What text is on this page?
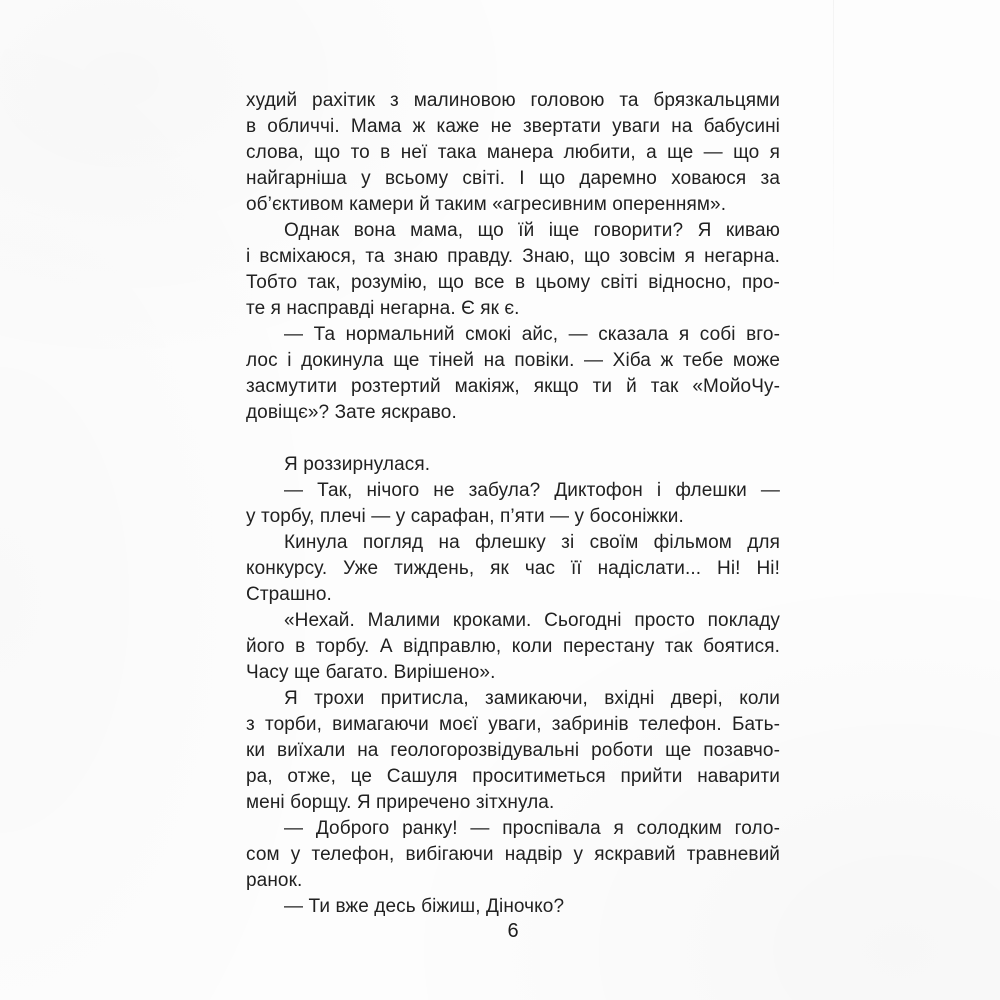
худий рахітик з малиновою головою та брязкальцями
в обличчі. Мама ж каже не звертати уваги на бабусині
слова, що то в неї така манера любити, а ще — що я
найгарніша у всьому світі. І що даремно ховаюся за
об’єктивом камери й таким «агресивним оперенням».
Однак вона мама, що їй іще говорити? Я киваю
і всміхаюся, та знаю правду. Знаю, що зовсім я негарна.
Тобто так, розумію, що все в цьому світі відносно, про-
те я насправді негарна. Є як є.
— Та нормальний смокі айс, — сказала я собі вго-
лос і докинула ще тіней на повіки. — Хіба ж тебе може
засмутити розтертий макіяж, якщо ти й так «МойоЧу-
довіщє»? Зате яскраво.
Я роззирнулася.
— Так, нічого не забула? Диктофон і флешки —
у торбу, плечі — у сарафан, п’яти — у босоніжки.
Кинула погляд на флешку зі своїм фільмом для
конкурсу. Уже тиждень, як час її надіслати... Ні! Ні!
Страшно.
«Нехай. Малими кроками. Сьогодні просто покладу
його в торбу. А відправлю, коли перестану так боятися.
Часу ще багато. Вирішено».
Я трохи притисла, замикаючи, вхідні двері, коли
з торби, вимагаючи моєї уваги, забринів телефон. Бать-
ки виїхали на геологорозвідувальні роботи ще позавчо-
ра, отже, це Сашуля проситиметься прийти наварити
мені борщу. Я приречено зітхнула.
— Доброго ранку! — проспівала я солодким голо-
сом у телефон, вибігаючи надвір у яскравий травневий
ранок.
— Ти вже десь біжиш, Діночко?
6
